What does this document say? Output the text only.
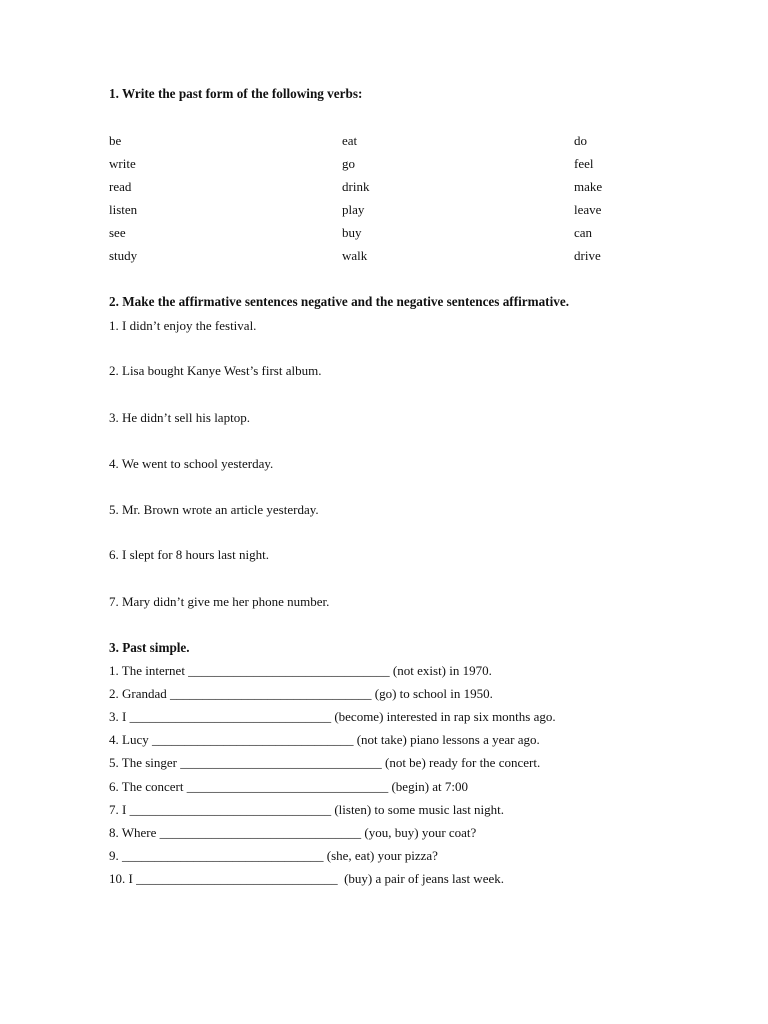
1. Write the past form of the following verbs:
be	eat	do
write	go	feel
read	drink	make
listen	play	leave
see	buy	can
study	walk	drive
2. Make the affirmative sentences negative and the negative sentences affirmative.
1. I didn’t enjoy the festival.
2. Lisa bought Kanye West’s first album.
3. He didn’t sell his laptop.
4. We went to school yesterday.
5. Mr. Brown wrote an article yesterday.
6. I slept for 8 hours last night.
7. Mary didn’t give me her phone number.
3. Past simple.
1. The internet _______________________________ (not exist) in 1970.
2. Grandad _______________________________ (go) to school in 1950.
3. I _______________________________ (become) interested in rap six months ago.
4. Lucy _______________________________ (not take) piano lessons a year ago.
5. The singer _______________________________ (not be) ready for the concert.
6. The concert _______________________________ (begin) at 7:00
7. I _______________________________ (listen) to some music last night.
8. Where _______________________________ (you, buy) your coat?
9. _______________________________ (she, eat) your pizza?
10. I _______________________________  (buy) a pair of jeans last week.
